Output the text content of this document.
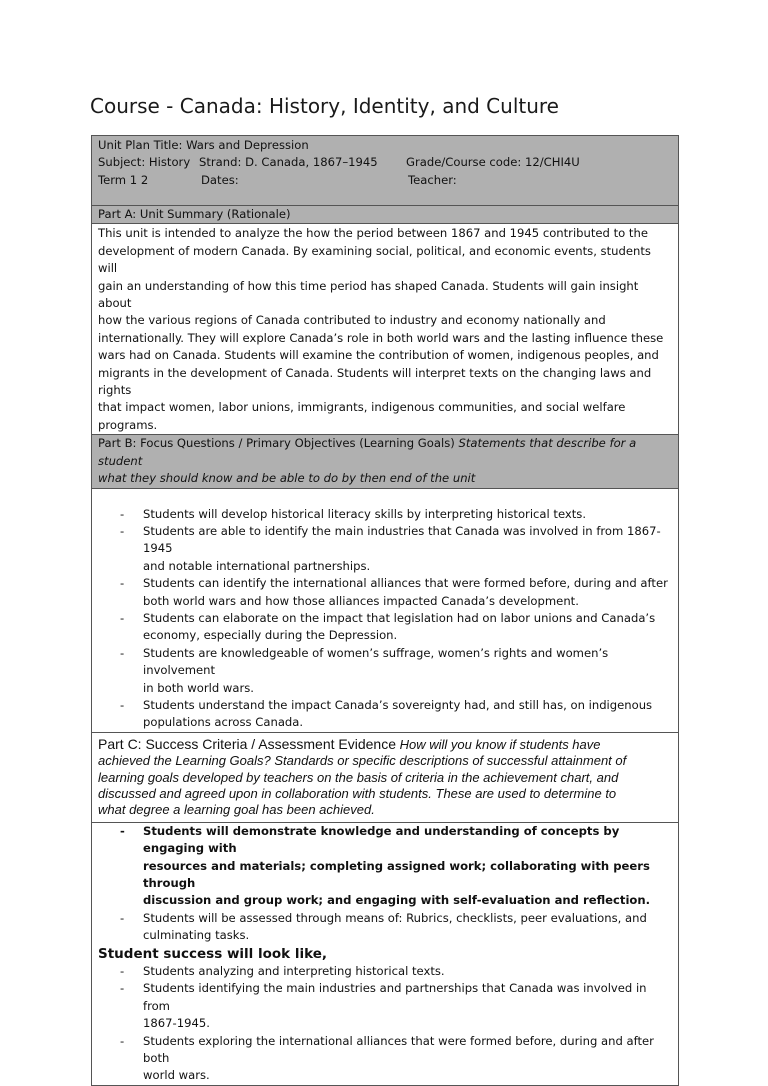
Course - Canada: History, Identity, and Culture
Unit Plan Title: Wars and Depression
Subject: History Strand: D. Canada, 1867–1945 Grade/Course code: 12/CHI4U
Term 1 2	Dates:	Teacher:

Part A: Unit Summary (Rationale)

This unit is intended to analyze the how the period between 1867 and 1945 contributed to the
development of modern Canada. By examining social, political, and economic events, students will
gain an understanding of how this time period has shaped Canada. Students will gain insight about
how the various regions of Canada contributed to industry and economy nationally and
internationally. They will explore Canada’s role in both world wars and the lasting influence these
wars had on Canada. Students will examine the contribution of women, indigenous peoples, and
migrants in the development of Canada. Students will interpret texts on the changing laws and rights
that impact women, labor unions, immigrants, indigenous communities, and social welfare programs.

Part B: Focus Questions / Primary Objectives (Learning Goals) Statements that describe for a student
what they should know and be able to do by then end of the unit

- Students will develop historical literacy skills by interpreting historical texts.
- Students are able to identify the main industries that Canada was involved in from 1867-1945
and notable international partnerships.
- Students can identify the international alliances that were formed before, during and after
both world wars and how those alliances impacted Canada’s development.
- Students can elaborate on the impact that legislation had on labor unions and Canada’s
economy, especially during the Depression.
- Students are knowledgeable of women’s suffrage, women’s rights and women’s involvement
in both world wars.
- Students understand the impact Canada’s sovereignty had, and still has, on indigenous
populations across Canada.

Part C: Success Criteria / Assessment Evidence How will you know if students have
achieved the Learning Goals? Standards or specific descriptions of successful attainment of
learning goals developed by teachers on the basis of criteria in the achievement chart, and
discussed and agreed upon in collaboration with students. These are used to determine to
what degree a learning goal has been achieved.

- Students will demonstrate knowledge and understanding of concepts by engaging with
resources and materials; completing assigned work; collaborating with peers through
discussion and group work; and engaging with self-evaluation and reflection.
- Students will be assessed through means of: Rubrics, checklists, peer evaluations, and
culminating tasks.
Student success will look like,
- Students analyzing and interpreting historical texts.
- Students identifying the main industries and partnerships that Canada was involved in from
1867-1945.
- Students exploring the international alliances that were formed before, during and after both
world wars.
